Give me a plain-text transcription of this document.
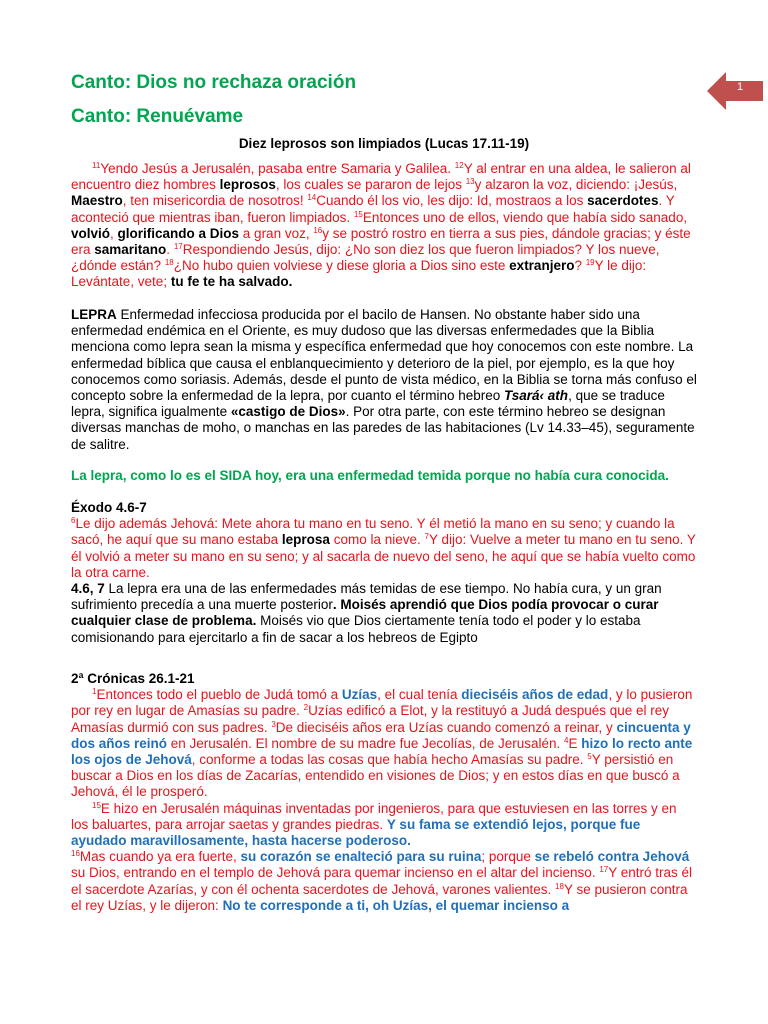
1
Canto: Dios no rechaza oración
Canto: Renuévame
Diez leprosos son limpiados (Lucas 17.11-19)

$^{11}$Yendo Jesús a Jerusalén, pasaba entre Samaria y Galilea. $^{12}$Y al entrar en una aldea, le salieron al encuentro diez hombres leprosos, los cuales se pararon de lejos $^{13}$y alzaron la voz, diciendo: ¡Jesús, Maestro, ten misericordia de nosotros! $^{14}$Cuando él los vio, les dijo: Id, mostraos a los sacerdotes. Y aconteció que mientras iban, fueron limpiados. $^{15}$Entonces uno de ellos, viendo que había sido sanado, volvió, glorificando a Dios a gran voz, $^{16}$y se postró rostro en tierra a sus pies, dándole gracias; y éste era samaritano. $^{17}$Respondiendo Jesús, dijo: ¿No son diez los que fueron limpiados? Y los nueve, ¿dónde están? $^{18}$¿No hubo quien volviese y diese gloria a Dios sino este extranjero? $^{19}$Y le dijo: Levántate, vete; tu fe te ha salvado.

LEPRA Enfermedad infecciosa producida por el bacilo de Hansen. No obstante haber sido una enfermedad endémica en el Oriente, es muy dudoso que las diversas enfermedades que la Biblia menciona como lepra sean la misma y específica enfermedad que hoy conocemos con este nombre. La enfermedad bíblica que causa el enblanquecimiento y deterioro de la piel, por ejemplo, es la que hoy conocemos como soriasis. Además, desde el punto de vista médico, en la Biblia se torna más confuso el concepto sobre la enfermedad de la lepra, por cuanto el término hebreo Tsará‹ ath, que se traduce lepra, significa igualmente «castigo de Dios». Por otra parte, con este término hebreo se designan diversas manchas de moho, o manchas en las paredes de las habitaciones (Lv 14.33–45), seguramente de salitre.

La lepra, como lo es el SIDA hoy, era una enfermedad temida porque no había cura conocida.

Éxodo 4.6-7

$^6$Le dijo además Jehová: Mete ahora tu mano en tu seno. Y él metió la mano en su seno; y cuando la sacó, he aquí que su mano estaba leprosa como la nieve. $^7$Y dijo: Vuelve a meter tu mano en tu seno. Y él volvió a meter su mano en su seno; y al sacarla de nuevo del seno, he aquí que se había vuelto como la otra carne.

4.6, 7 La lepra era una de las enfermedades más temidas de ese tiempo. No había cura, y un gran sufrimiento precedía a una muerte posterior. Moisés aprendió que Dios podía provocar o curar cualquier clase de problema. Moisés vio que Dios ciertamente tenía todo el poder y lo estaba comisionando para ejercitarlo a fin de sacar a los hebreos de Egipto

2ª Crónicas 26.1-21

$^1$Entonces todo el pueblo de Judá tomó a Uzías, el cual tenía dieciséis años de edad, y lo pusieron por rey en lugar de Amasías su padre. $^2$Uzías edificó a Elot, y la restituyó a Judá después que el rey Amasías durmió con sus padres. $^3$De dieciséis años era Uzías cuando comenzó a reinar, y cincuenta y dos años reinó en Jerusalén. El nombre de su madre fue Jecolías, de Jerusalén. $^4$E hizo lo recto ante los ojos de Jehová, conforme a todas las cosas que había hecho Amasías su padre. $^5$Y persistió en buscar a Dios en los días de Zacarías, entendido en visiones de Dios; y en estos días en que buscó a Jehová, él le prosperó.

$^{15}$E hizo en Jerusalén máquinas inventadas por ingenieros, para que estuviesen en las torres y en los baluartes, para arrojar saetas y grandes piedras. Y su fama se extendió lejos, porque fue ayudado maravillosamente, hasta hacerse poderoso.

$^{16}$Mas cuando ya era fuerte, su corazón se enalteció para su ruina; porque se rebeló contra Jehová su Dios, entrando en el templo de Jehová para quemar incienso en el altar del incienso. $^{17}$Y entró tras él el sacerdote Azarías, y con él ochenta sacerdotes de Jehová, varones valientes. $^{18}$Y se pusieron contra el rey Uzías, y le dijeron: No te corresponde a ti, oh Uzías, el quemar incienso a
